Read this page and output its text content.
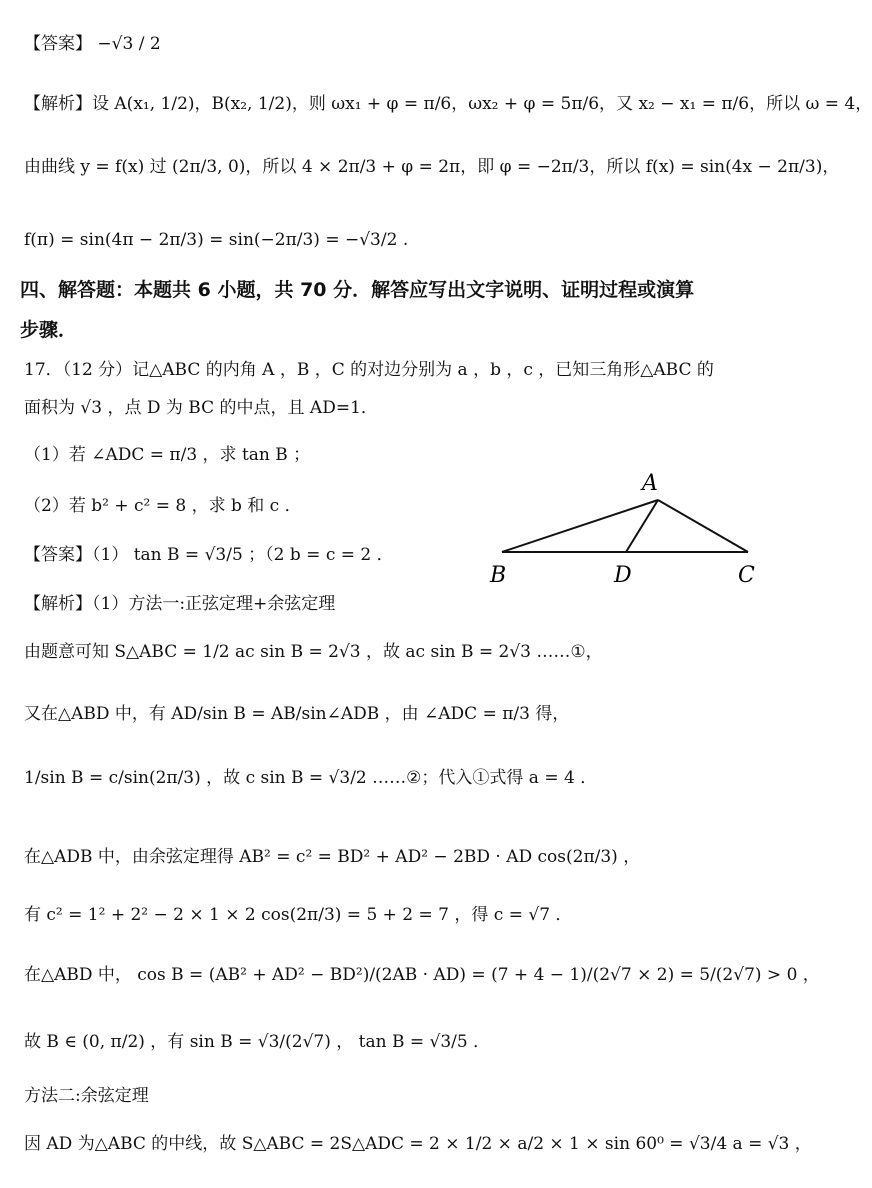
【答案】 −√3 / 2
【解析】设 A(x₁, 1/2)，B(x₂, 1/2)，则 ωx₁ + φ = π/6，ωx₂ + φ = 5π/6，又 x₂ − x₁ = π/6，所以 ω = 4，
由曲线 y = f(x) 过 (2π/3, 0)，所以 4 × 2π/3 + φ = 2π，即 φ = −2π/3，所以 f(x) = sin(4x − 2π/3)，
f(π) = sin(4π − 2π/3) = sin(−2π/3) = −√3/2 .
四、解答题：本题共 6 小题，共 70 分．解答应写出文字说明、证明过程或演算
步骤．
17．（12 分）记△ABC 的内角 A ，B ，C 的对边分别为 a ，b ，c ，已知三角形△ABC 的
面积为 √3 ，点 D 为 BC 的中点，且 AD=1．
（1）若 ∠ADC = π/3 ，求 tan B ；
（2）若 b² + c² = 8 ，求 b 和 c ．
【答案】（1） tan B = √3/5 ；（2 b = c = 2 ．
A
B	D	C
【解析】（1）方法一:正弦定理+余弦定理
由题意可知 S△ABC = 1/2 ac sin B = 2√3 ，故 ac sin B = 2√3 ……①，
又在△ABD 中，有 AD/sin B = AB/sin∠ADB ，由 ∠ADC = π/3 得，
1/sin B = c/sin(2π/3) ，故 c sin B = √3/2 ……②；代入①式得 a = 4 ．
在△ADB 中，由余弦定理得 AB² = c² = BD² + AD² − 2BD · AD cos(2π/3) ，
有 c² = 1² + 2² − 2 × 1 × 2 cos(2π/3) = 5 + 2 = 7 ，得 c = √7 ．
在△ABD 中， cos B = (AB² + AD² − BD²)/(2AB · AD) = (7 + 4 − 1)/(2√7 × 2) = 5/(2√7) > 0 ，
故 B ∈ (0, π/2) ，有 sin B = √3/(2√7) ， tan B = √3/5 ．
方法二:余弦定理
因 AD 为△ABC 的中线，故 S△ABC = 2S△ADC = 2 × 1/2 × a/2 × 1 × sin 60⁰ = √3/4 a = √3 ，
